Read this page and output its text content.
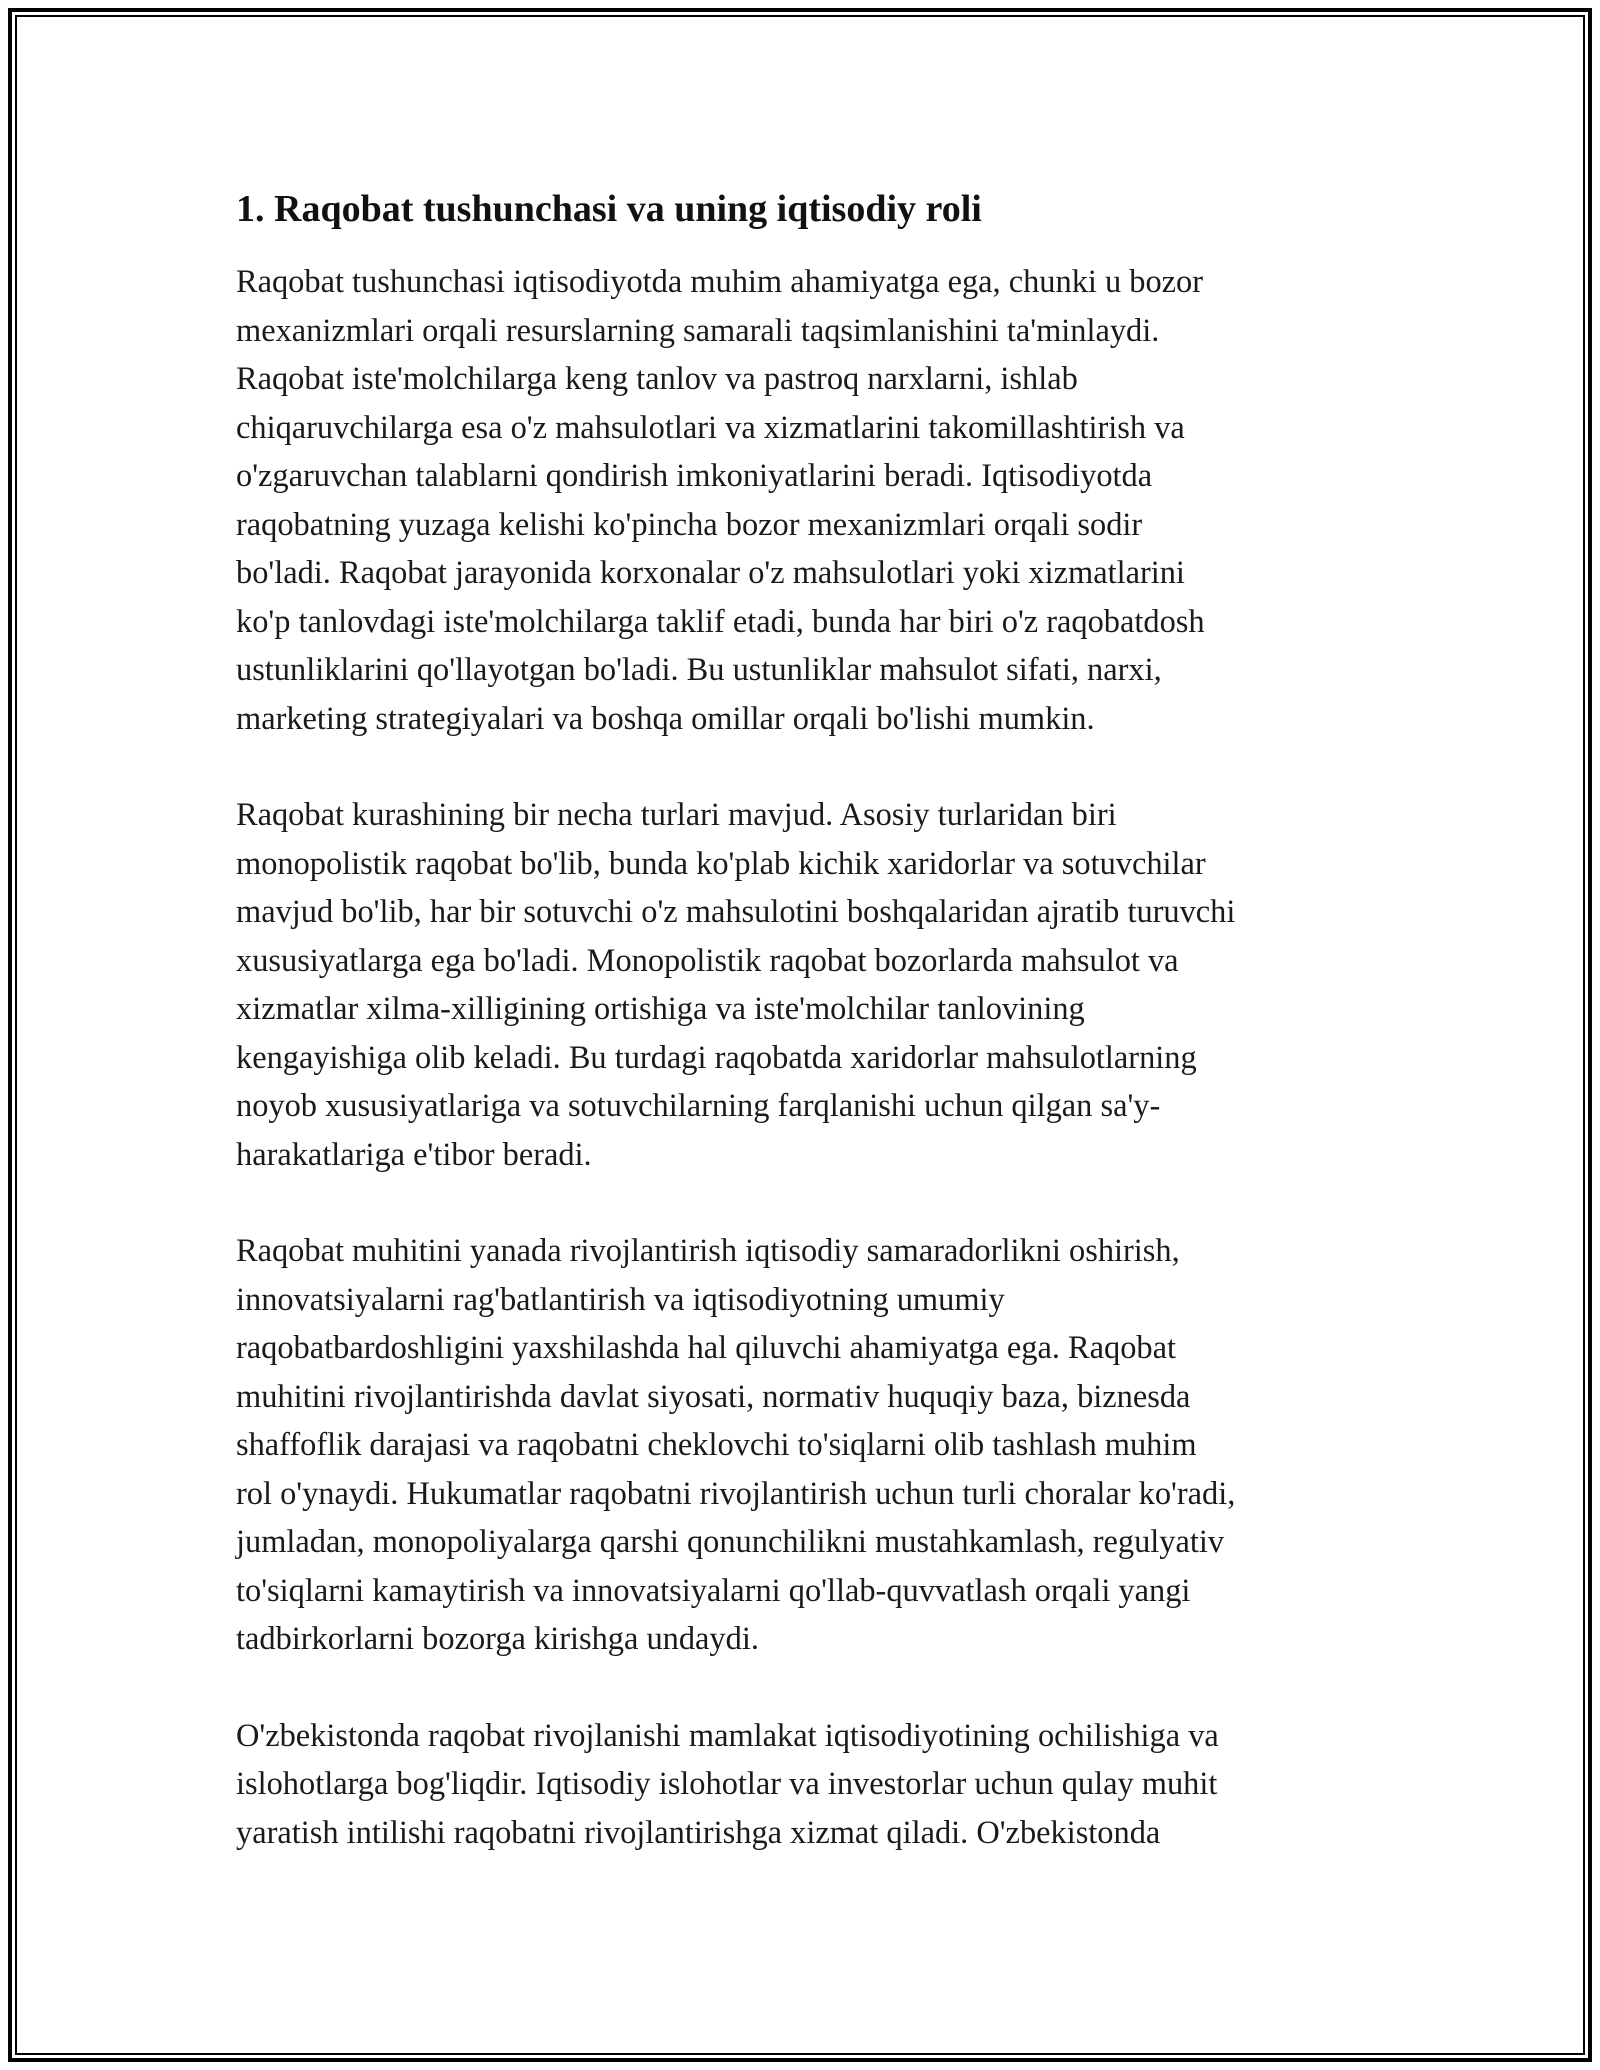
1. Raqobat tushunchasi va uning iqtisodiy roli

Raqobat tushunchasi iqtisodiyotda muhim ahamiyatga ega, chunki u bozor
mexanizmlari orqali resurslarning samarali taqsimlanishini ta'minlaydi.
Raqobat iste'molchilarga keng tanlov va pastroq narxlarni, ishlab
chiqaruvchilarga esa o'z mahsulotlari va xizmatlarini takomillashtirish va
o'zgaruvchan talablarni qondirish imkoniyatlarini beradi. Iqtisodiyotda
raqobatning yuzaga kelishi ko'pincha bozor mexanizmlari orqali sodir
bo'ladi. Raqobat jarayonida korxonalar o'z mahsulotlari yoki xizmatlarini
ko'p tanlovdagi iste'molchilarga taklif etadi, bunda har biri o'z raqobatdosh
ustunliklarini qo'llayotgan bo'ladi. Bu ustunliklar mahsulot sifati, narxi,
marketing strategiyalari va boshqa omillar orqali bo'lishi mumkin.

Raqobat kurashining bir necha turlari mavjud. Asosiy turlaridan biri
monopolistik raqobat bo'lib, bunda ko'plab kichik xaridorlar va sotuvchilar
mavjud bo'lib, har bir sotuvchi o'z mahsulotini boshqalaridan ajratib turuvchi
xususiyatlarga ega bo'ladi. Monopolistik raqobat bozorlarda mahsulot va
xizmatlar xilma-xilligining ortishiga va iste'molchilar tanlovining
kengayishiga olib keladi. Bu turdagi raqobatda xaridorlar mahsulotlarning
noyob xususiyatlariga va sotuvchilarning farqlanishi uchun qilgan sa'y-
harakatlariga e'tibor beradi.

Raqobat muhitini yanada rivojlantirish iqtisodiy samaradorlikni oshirish,
innovatsiyalarni rag'batlantirish va iqtisodiyotning umumiy
raqobatbardoshligini yaxshilashda hal qiluvchi ahamiyatga ega. Raqobat
muhitini rivojlantirishda davlat siyosati, normativ huquqiy baza, biznesda
shaffoflik darajasi va raqobatni cheklovchi to'siqlarni olib tashlash muhim
rol o'ynaydi. Hukumatlar raqobatni rivojlantirish uchun turli choralar ko'radi,
jumladan, monopoliyalarga qarshi qonunchilikni mustahkamlash, regulyativ
to'siqlarni kamaytirish va innovatsiyalarni qo'llab-quvvatlash orqali yangi
tadbirkorlarni bozorga kirishga undaydi.

O'zbekistonda raqobat rivojlanishi mamlakat iqtisodiyotining ochilishiga va
islohotlarga bog'liqdir. Iqtisodiy islohotlar va investorlar uchun qulay muhit
yaratish intilishi raqobatni rivojlantirishga xizmat qiladi. O'zbekistonda
